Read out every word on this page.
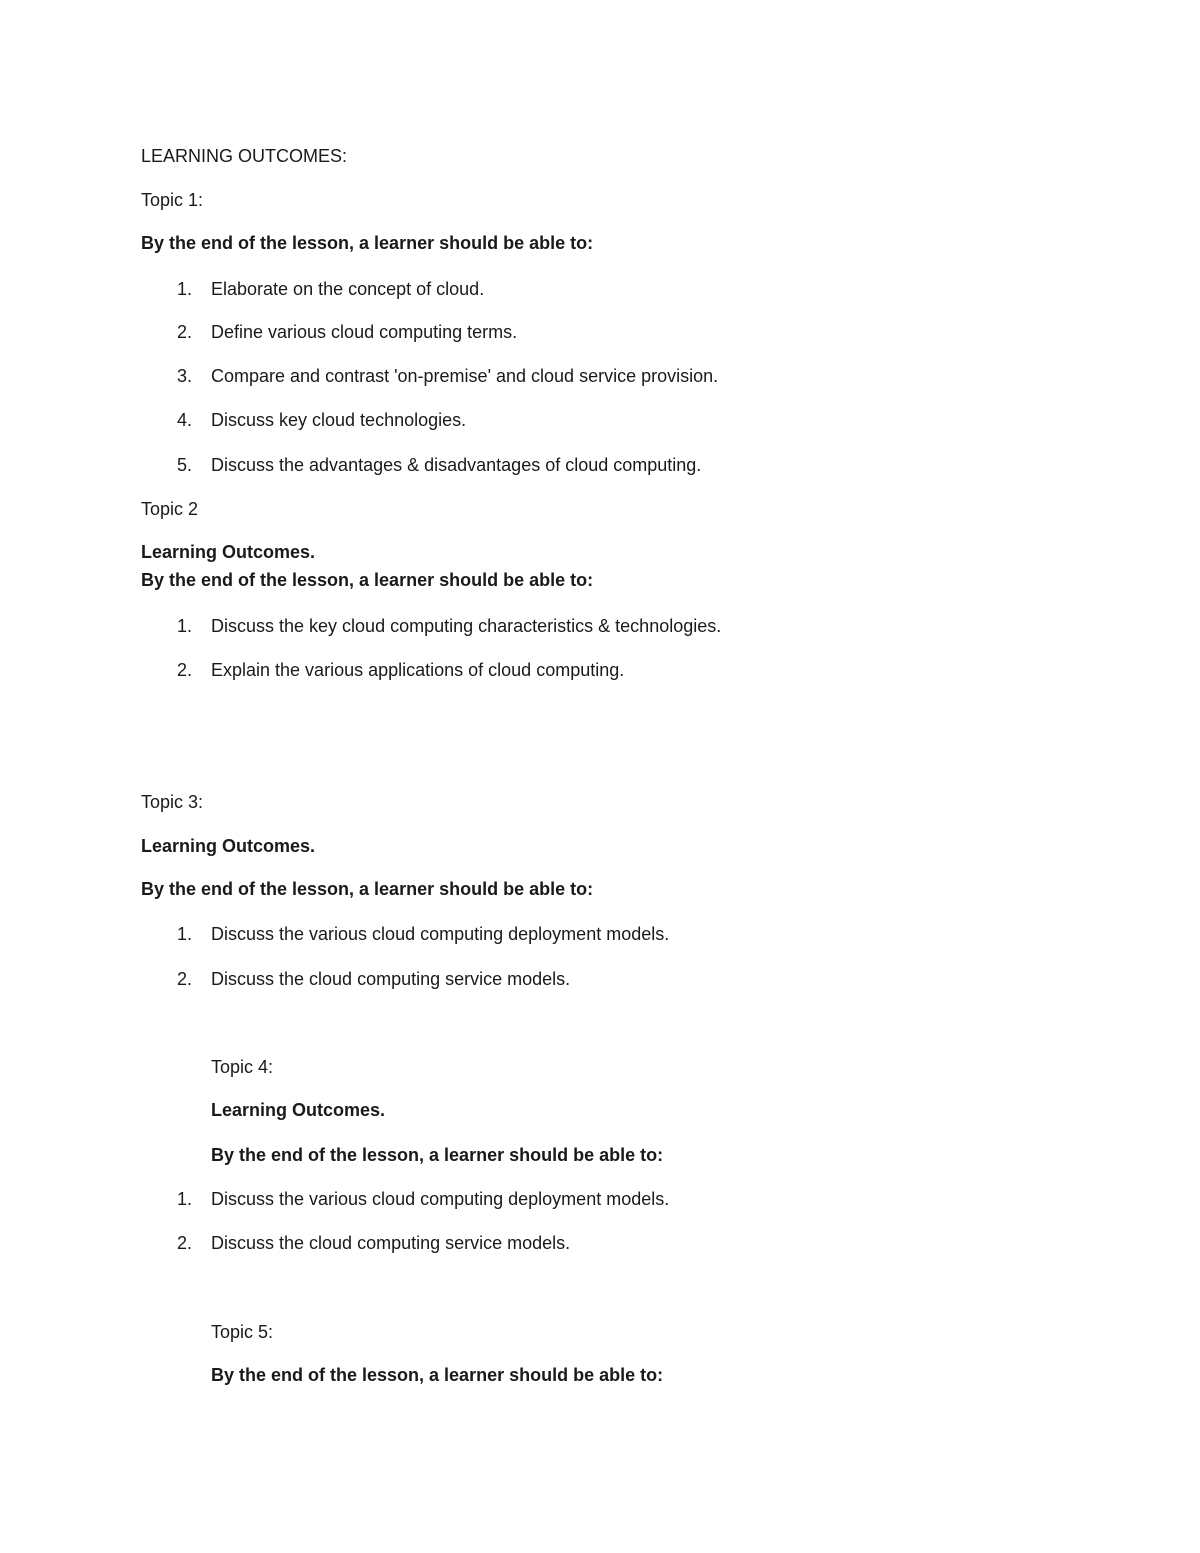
LEARNING OUTCOMES:
Topic 1:
By the end of the lesson, a learner should be able to:
1. Elaborate on the concept of cloud.
2. Define various cloud computing terms.
3. Compare and contrast 'on-premise' and cloud service provision.
4. Discuss key cloud technologies.
5. Discuss the advantages & disadvantages of cloud computing.
Topic 2
Learning Outcomes.
By the end of the lesson, a learner should be able to:
1. Discuss the key cloud computing characteristics & technologies.
2. Explain the various applications of cloud computing.
Topic 3:
Learning Outcomes.
By the end of the lesson, a learner should be able to:
1. Discuss the various cloud computing deployment models.
2. Discuss the cloud computing service models.
Topic 4:
Learning Outcomes.
By the end of the lesson, a learner should be able to:
1. Discuss the various cloud computing deployment models.
2. Discuss the cloud computing service models.
Topic 5:
By the end of the lesson, a learner should be able to:
